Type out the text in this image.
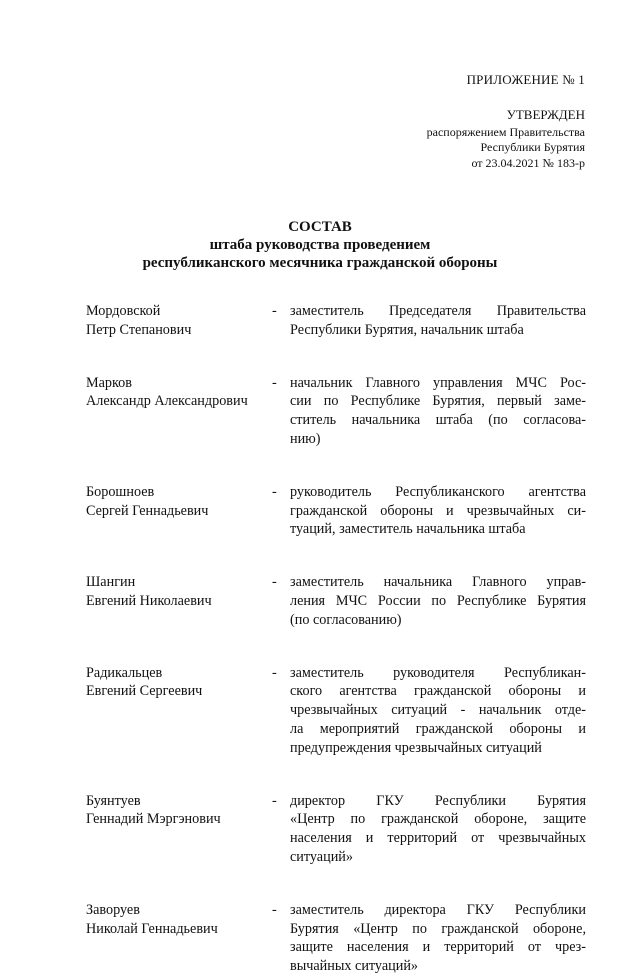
ПРИЛОЖЕНИЕ № 1
УТВЕРЖДЕН
распоряжением Правительства
Республики Бурятия
от 23.04.2021 № 183-р
СОСТАВ
штаба руководства проведением
республиканского месячника гражданской обороны
Мордовской
Петр Степанович
- заместитель Председателя Правительства
Республики Бурятия, начальник штаба
Марков
Александр Александрович
- начальник Главного управления МЧС Рос-
сии по Республике Бурятия, первый заме-
ститель начальника штаба (по согласова-
нию)
Борошноев
Сергей Геннадьевич
- руководитель Республиканского агентства
гражданской обороны и чрезвычайных си-
туаций, заместитель начальника штаба
Шангин
Евгений Николаевич
- заместитель начальника Главного управ-
ления МЧС России по Республике Бурятия
(по согласованию)
Радикальцев
Евгений Сергеевич
- заместитель руководителя Республикан-
ского агентства гражданской обороны и
чрезвычайных ситуаций - начальник отде-
ла мероприятий гражданской обороны и
предупреждения чрезвычайных ситуаций
Буянтуев
Геннадий Мэргэнович
- директор ГКУ Республики Бурятия
«Центр по гражданской обороне, защите
населения и территорий от чрезвычайных
ситуаций»
Заворуев
Николай Геннадьевич
- заместитель директора ГКУ Республики
Бурятия «Центр по гражданской обороне,
защите населения и территорий от чрез-
вычайных ситуаций»
